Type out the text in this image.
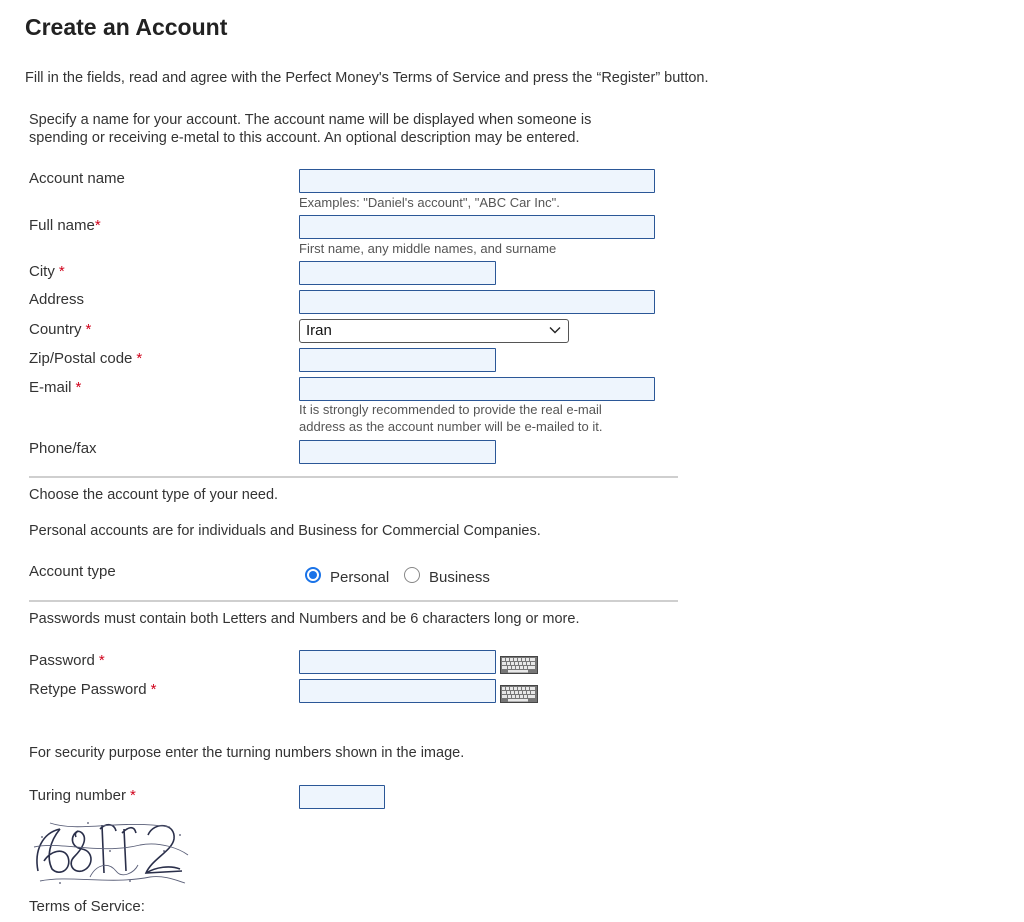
Create an Account
Fill in the fields, read and agree with the Perfect Money's Terms of Service and press the “Register” button.
Specify a name for your account. The account name will be displayed when someone is
spending or receiving e-metal to this account. An optional description may be entered.
Account name
Examples: "Daniel's account", "ABC Car Inc".
Full name*
First name, any middle names, and surname
City *
Address
Country *	Iran
Zip/Postal code *
E-mail *
It is strongly recommended to provide the real e-mail
address as the account number will be e-mailed to it.
Phone/fax
Choose the account type of your need.
Personal accounts are for individuals and Business for Commercial Companies.
Account type	Personal	Business
Passwords must contain both Letters and Numbers and be 6 characters long or more.
Password *
Retype Password *
For security purpose enter the turning numbers shown in the image.
Turing number *
68112
Terms of Service:
